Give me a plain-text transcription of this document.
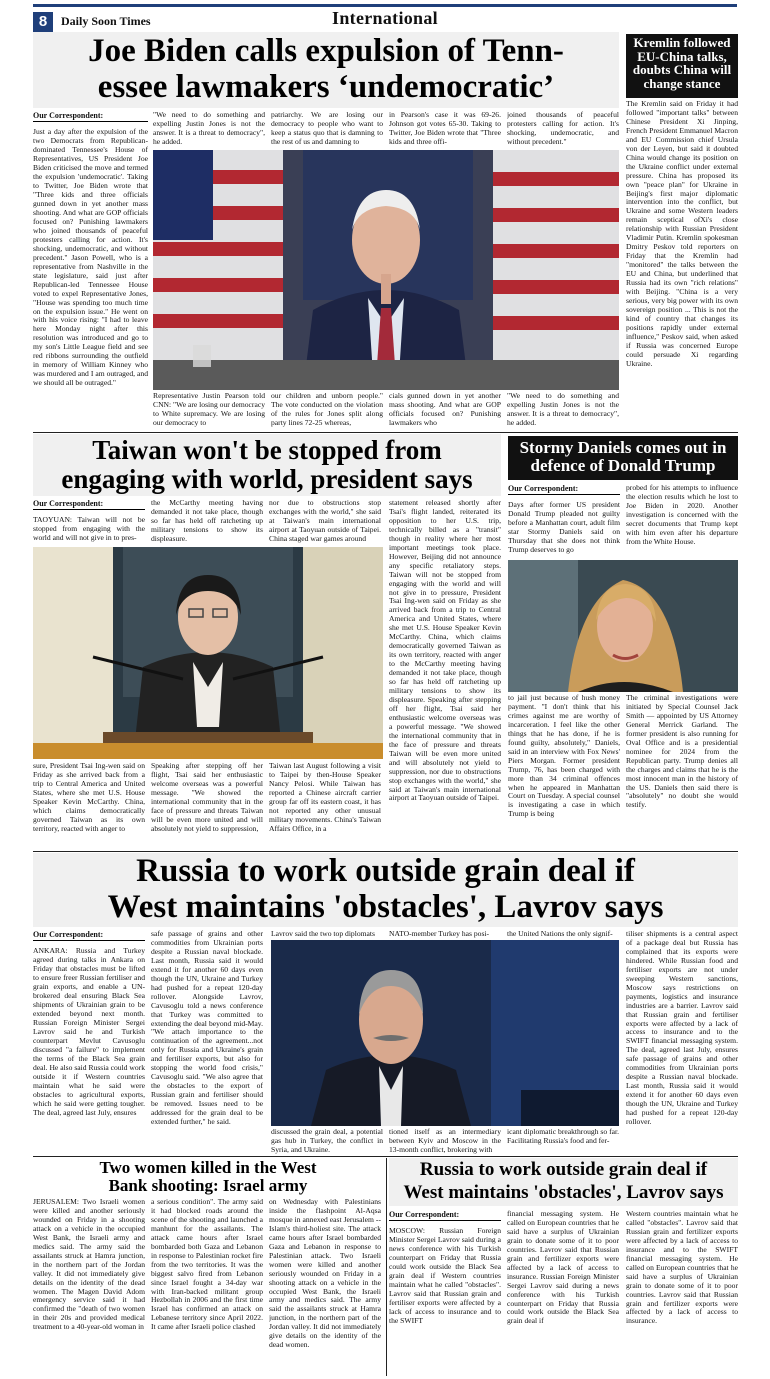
8	Daily Soon Times	International
Joe Biden calls expulsion of Tenn-
essee lawmakers ‘undemocratic’
Our Correspondent:

Just a day after the expulsion of the two Democrats from Republican-dominated Tennessee's House of Representatives, US President Joe Biden criticised the move and termed the expulsion 'undemocratic'. Taking to Twitter, Joe Biden wrote that "Three kids and three officials gunned down in yet another mass shooting. And what are GOP officials focused on? Punishing lawmakers who joined thousands of peaceful protesters calling for action. It's shocking, undemocratic, and without precedent." Jason Powell, who is a representative from Nashville in the state legislature, said just after Republican-led Tennessee House voted to expel Representative Jones, "House was spending too much time on the expulsion issue." He went on with his voice rising: "I had to leave here Monday night after this resolution was introduced and go to my son's Little League field and see red ribbons surrounding the outfield in memory of William Kinney who was murdered and I am outraged, and we should all be outraged."

"We need to do something and expelling Justin Jones is not the answer. It is a threat to democracy", he added.
patriarchy. We are losing our democracy to people who want to keep a status quo that is damning to the rest of us and damning to
in Pearson's case it was 69-26. Johnson got votes 65-30. Taking to Twitter, Joe Biden wrote that "Three kids and three offi-
joined thousands of peaceful protesters calling for action. It's shocking, undemocratic, and without precedent."
Representative Justin Pearson told CNN: "We are losing our democracy to White supremacy. We are losing our democracy to
our children and unborn people." The vote conducted on the violation of the rules for Jones split along party lines 72-25 whereas,
cials gunned down in yet another mass shooting. And what are GOP officials focused on? Punishing lawmakers who
"We need to do something and expelling Justin Jones is not the answer. It is a threat to democracy", he added.
Kremlin followed EU-China talks, doubts China will change stance
The Kremlin said on Friday it had followed "important talks" between Chinese President Xi Jinping, French President Emmanuel Macron and EU Commission chief Ursula von der Leyen, but said it doubted China would change its position on the Ukraine conflict under external pressure. China has proposed its own "peace plan" for Ukraine in Beijing's first major diplomatic intervention into the conflict, but Ukraine and some Western leaders remain sceptical ofXi's close relationship with Russian President Vladimir Putin. Kremlin spokesman Dmitry Peskov told reporters on Friday that the Kremlin had "monitored" the talks between the EU and China, but underlined that Russia had its own "rich relations" with Beijing. "China is a very serious, very big power with its own sovereign position ... This is not the kind of country that changes its positions rapidly under external influence," Peskov said, when asked if Russia was concerned Europe could persuade Xi regarding Ukraine.
Taiwan won't be stopped from
engaging with world, president says
Our Correspondent:

TAOYUAN: Taiwan will not be stopped from engaging with the world and will not give in to pres-

the McCarthy meeting having demanded it not take place, though so far has held off ratcheting up military tensions to show its displeasure.
nor due to obstructions stop exchanges with the world," she said at Taiwan's main international airport at Taoyuan outside of Taipei. China staged war games around
statement released shortly after Tsai's flight landed, reiterated its opposition to her U.S. trip, technically billed as a "transit" though in reality where her most important meetings took place. However, Beijing did not announce any specific retaliatory steps. Taiwan will not be stopped from engaging with the world and will not give in to pressure, President Tsai Ing-wen said on Friday as she arrived back from a trip to Central America and United States, where she met U.S. House Speaker Kevin McCarthy. China, which claims democratically governed Taiwan as its own territory, reacted with anger to the McCarthy meeting having demanded it not take place, though so far has held off ratcheting up military tensions to show its displeasure. Speaking after stepping off her flight, Tsai said her enthusiastic welcome overseas was a powerful message. "We showed the international community that in the face of pressure and threats Taiwan will be even more united and will absolutely not yield to suppression, nor due to obstructions stop exchanges with the world," she said at Taiwan's main international airport at Taoyuan outside of Taipei.
sure, President Tsai Ing-wen said on Friday as she arrived back from a trip to Central America and United States, where she met U.S. House Speaker Kevin McCarthy. China, which claims democratically governed Taiwan as its own territory, reacted with anger to
Speaking after stepping off her flight, Tsai said her enthusiastic welcome overseas was a powerful message. "We showed the international community that in the face of pressure and threats Taiwan will be even more united and will absolutely not yield to suppression,
Taiwan last August following a visit to Taipei by then-House Speaker Nancy Pelosi. While Taiwan has reported a Chinese aircraft carrier group far off its eastern coast, it has not reported any other unusual military movements. China's Taiwan Affairs Office, in a
Stormy Daniels comes out in defence of Donald Trump
Our Correspondent:

Days after former US president Donald Trump pleaded not guilty before a Manhattan court, adult film star Stormy Daniels said on Thursday that she does not think Trump deserves to go

probed for his attempts to influence the election results which he lost to Joe Biden in 2020. Another investigation is concerned with the secret documents that Trump kept with him even after his departure from the White House.
to jail just because of hush money payment. "I don't think that his crimes against me are worthy of incarceration. I feel like the other things that he has done, if he is found guilty, absolutely," Daniels, said in an interview with Fox News' Piers Morgan. Former president Trump, 76, has been charged with more than 34 criminal offences when he appeared in Manhattan Court on Tuesday. A special counsel is investigating a case in which Trump is being
The criminal investigations were initiated by Special Counsel Jack Smith — appointed by US Attorney General Merrick Garland. The former president is also running for Oval Office and is a presidential nominee for 2024 from the Republican party. Trump denies all the charges and claims that he is the most innocent man in the history of the US. Daniels then said there is "absolutely" no doubt she would testify.
Russia to work outside grain deal if
West maintains 'obstacles', Lavrov says
Our Correspondent:

ANKARA: Russia and Turkey agreed during talks in Ankara on Friday that obstacles must be lifted to ensure freer Russian fertiliser and grain exports, and enable a UN-brokered deal ensuring Black Sea shipments of Ukrainian grain to be extended beyond next month. Russian Foreign Minister Sergei Lavrov said he and Turkish counterpart Mevlut Cavusoglu discussed "a failure" to implement the terms of the Black Sea grain deal. He also said Russia could work outside it if Western countries maintain what he said were obstacles to agricultural exports, which he said were getting tougher. The deal, agreed last July, ensures

safe passage of grains and other commodities from Ukrainian ports despite a Russian naval blockade. Last month, Russia said it would extend it for another 60 days even though the UN, Ukraine and Turkey had pushed for a repeat 120-day rollover. Alongside Lavrov, Cavusoglu told a news conference that Turkey was committed to extending the deal beyond mid-May. "We attach importance to the continuation of the agreement...not only for Russia and Ukraine's grain and fertiliser exports, but also for stopping the world food crisis," Cavusoglu said. "We also agree that the obstacles to the export of Russian grain and fertiliser should be removed. Issues need to be addressed for the grain deal to be extended further," he said.
Lavrov said the two top diplomats	NATO-member Turkey has posi-	the United Nations the only signif-
discussed the grain deal, a potential gas hub in Turkey, the conflict in Syria, and Ukraine.
tioned itself as an intermediary between Kyiv and Moscow in the 13-month conflict, brokering with
icant diplomatic breakthrough so far. Facilitating Russia's food and fer-
tiliser shipments is a central aspect of a package deal but Russia has complained that its exports were hindered. While Russian food and fertiliser exports are not under sweeping Western sanctions, Moscow says restrictions on payments, logistics and insurance industries are a barrier. Lavrov said that Russian grain and fertiliser exports were affected by a lack of access to insurance and to the SWIFT financial messaging system. The deal, agreed last July, ensures safe passage of grains and other commodities from Ukrainian ports despite a Russian naval blockade. Last month, Russia said it would extend it for another 60 days even though the UN, Ukraine and Turkey had pushed for a repeat 120-day rollover.
Two women killed in the West
Bank shooting: Israel army
JERUSALEM: Two Israeli women were killed and another seriously wounded on Friday in a shooting attack on a vehicle in the occupied West Bank, the Israeli army and medics said. The army said the assailants struck at Hamra junction, in the northern part of the Jordan valley. It did not immediately give details on the identity of the dead women. The Magen David Adom emergency service said it had confirmed the "death of two women in their 20s and provided medical treatment to a 40-year-old woman in
a serious condition". The army said it had blocked roads around the scene of the shooting and launched a manhunt for the assailants. The attack came hours after Israel bombarded both Gaza and Lebanon in response to Palestinian rocket fire from the two territories. It was the biggest salvo fired from Lebanon since Israel fought a 34-day war with Iran-backed militant group Hezbollah in 2006 and the first time Israel has confirmed an attack on Lebanese territory since April 2022. It came after Israeli police clashed
on Wednesday with Palestinians inside the flashpoint Al-Aqsa mosque in annexed east Jerusalem -- Islam's third-holiest site. The attack came hours after Israel bombarded Gaza and Lebanon in response to Palestinian attack. Two Israeli women were killed and another seriously wounded on Friday in a shooting attack on a vehicle in the occupied West Bank, the Israeli army and medics said. The army said the assailants struck at Hamra junction, in the northern part of the Jordan valley. It did not immediately give details on the identity of the dead women.
Russia to work outside grain deal if
West maintains 'obstacles', Lavrov says
Our Correspondent:

MOSCOW: Russian Foreign Minister Sergei Lavrov said during a news conference with his Turkish counterpart on Friday that Russia could work outside the Black Sea grain deal if Western countries maintain what he called "obstacles". Lavrov said that Russian grain and fertiliser exports were affected by a lack of access to insurance and to the SWIFT

financial messaging system. He called on European countries that he said have a surplus of Ukrainian grain to donate some of it to poor countries. Lavrov said that Russian grain and fertilizer exports were affected by a lack of access to insurance. Russian Foreign Minister Sergei Lavrov said during a news conference with his Turkish counterpart on Friday that Russia could work outside the Black Sea grain deal if
Western countries maintain what he called "obstacles". Lavrov said that Russian grain and fertilizer exports were affected by a lack of access to insurance and to the SWIFT financial messaging system. He called on European countries that he said have a surplus of Ukrainian grain to donate some of it to poor countries. Lavrov said that Russian grain and fertilizer exports were affected by a lack of access to insurance.
